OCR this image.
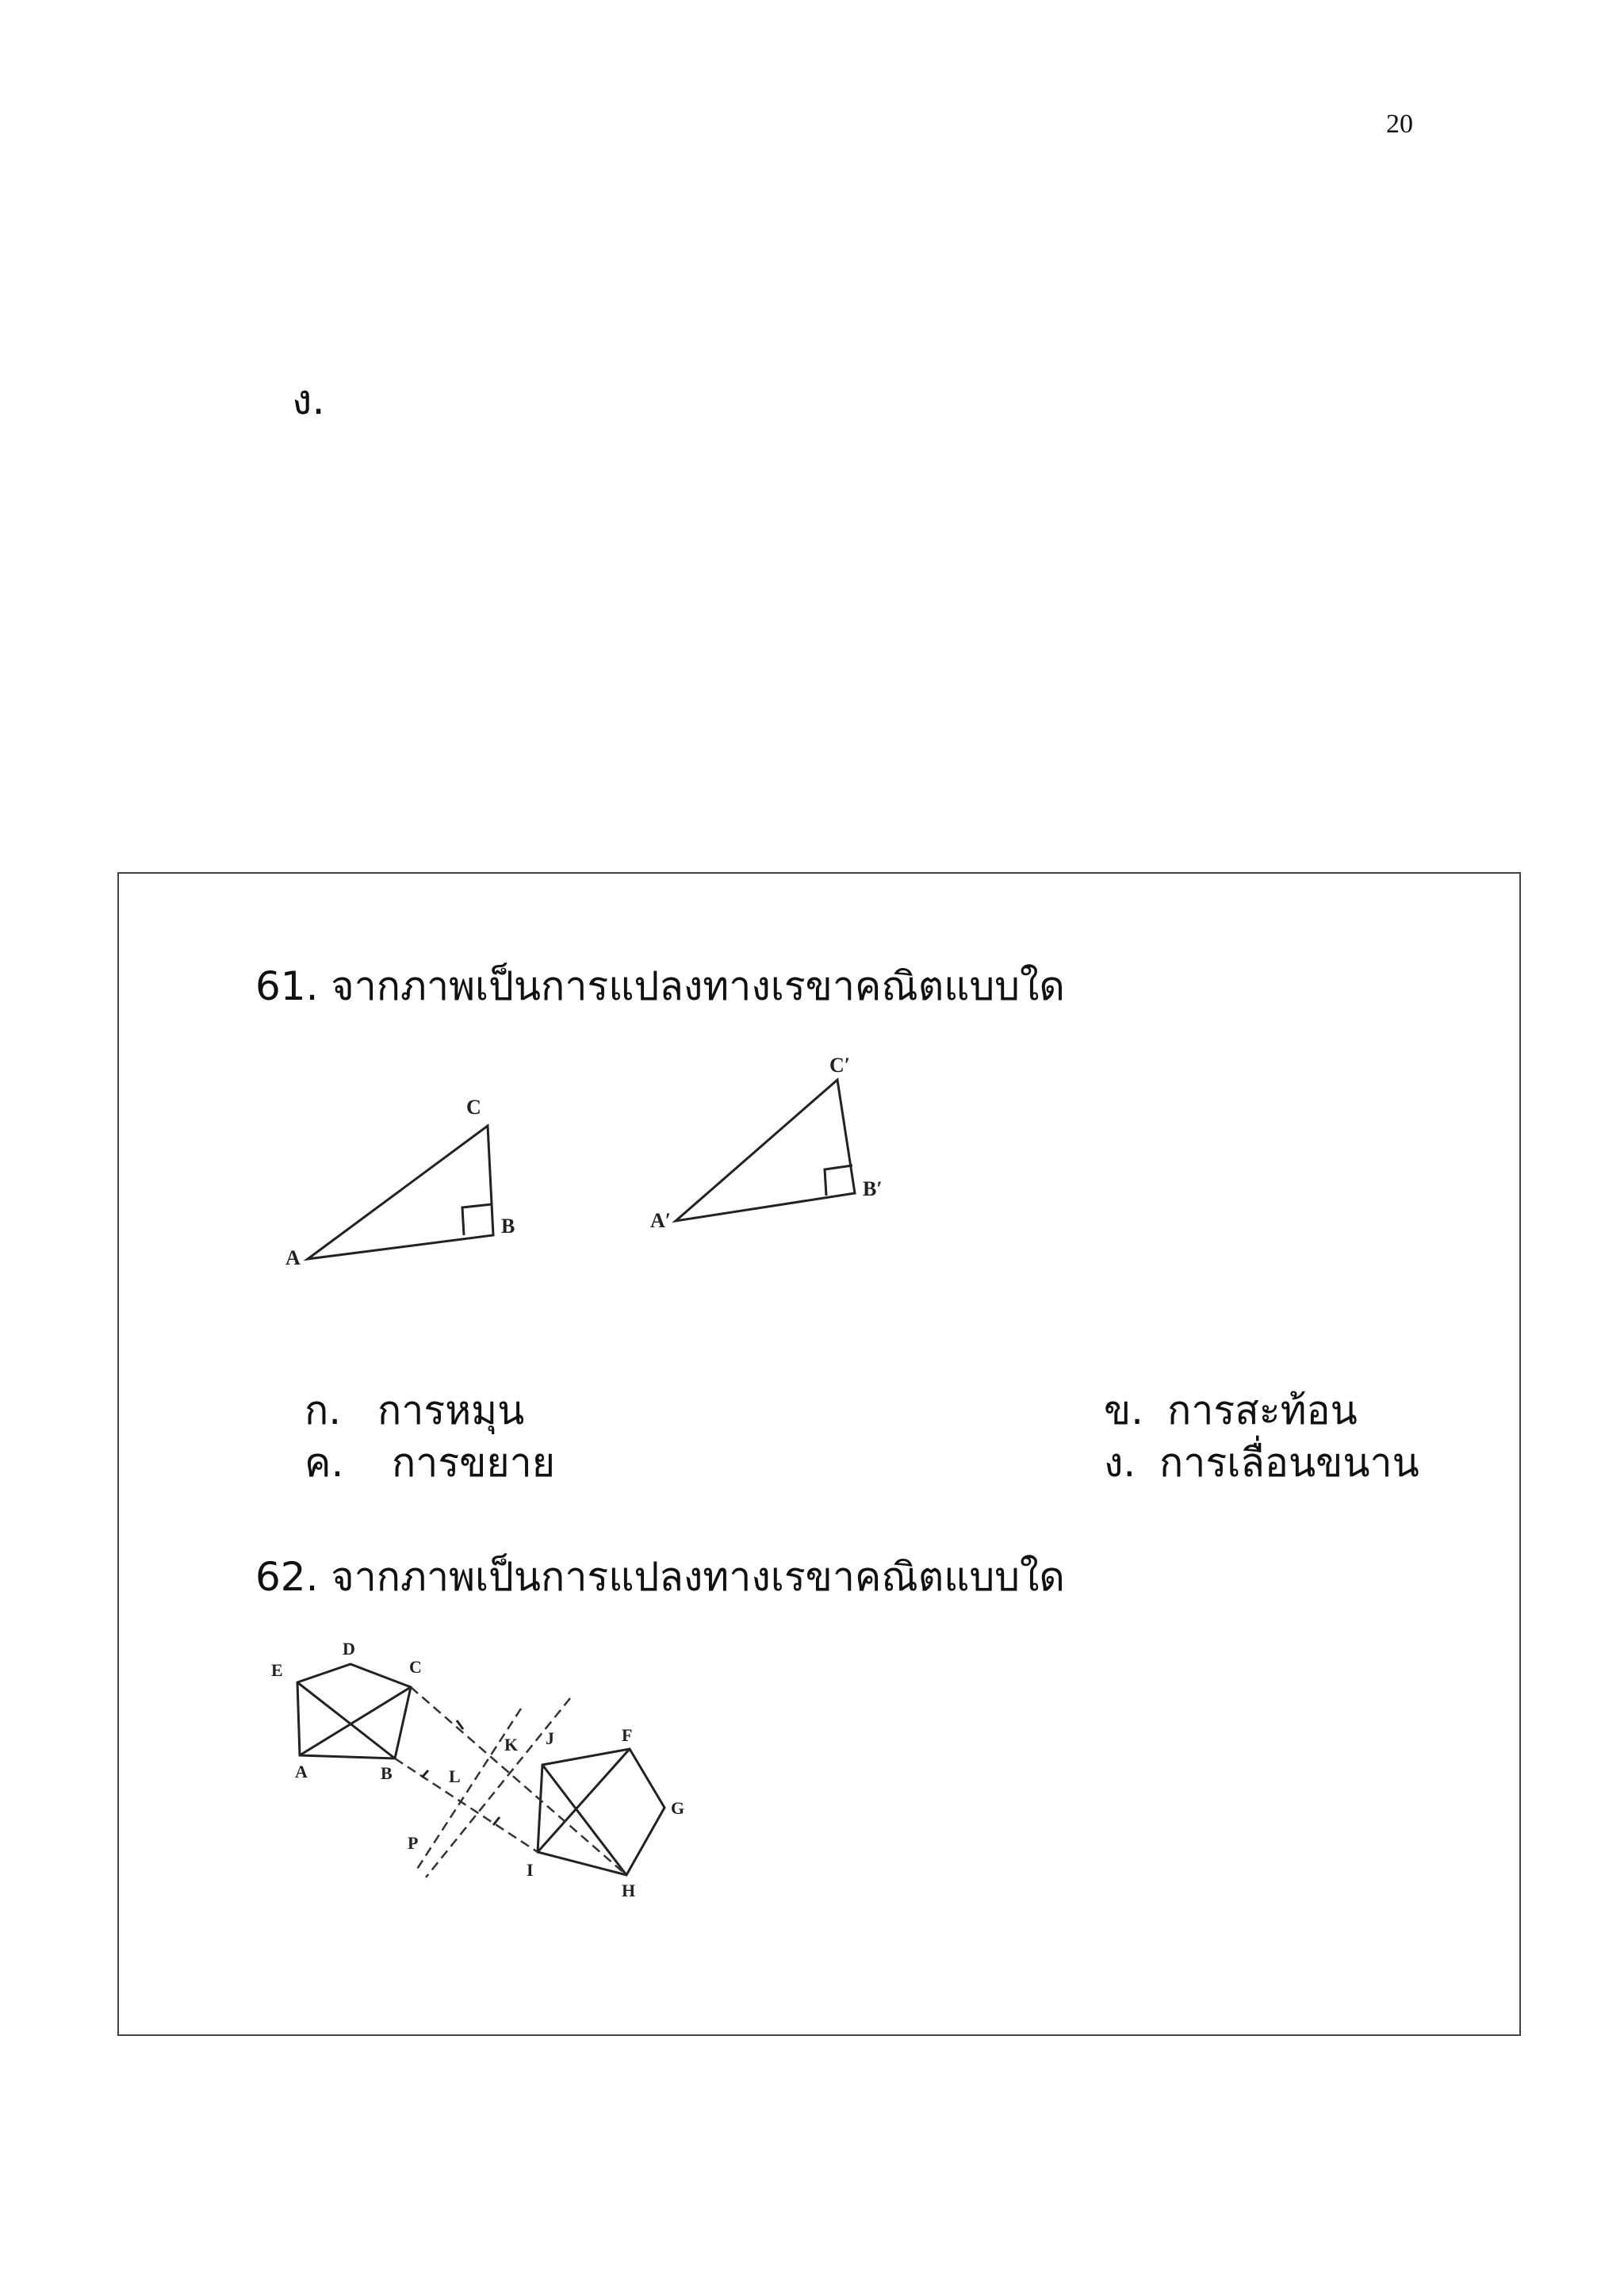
20
ง.
61. จากภาพเป็นการแปลงทางเรขาคณิตแบบใด
A
B
C
A′
B′
C′
ก. การหมุน	ข. การสะท้อน
ค. การขยาย	ง. การเลื่อนขนาน
62. จากภาพเป็นการแปลงทางเรขาคณิตแบบใด
A	B
C
D
E
F
G
H
I
J
K
L
P
